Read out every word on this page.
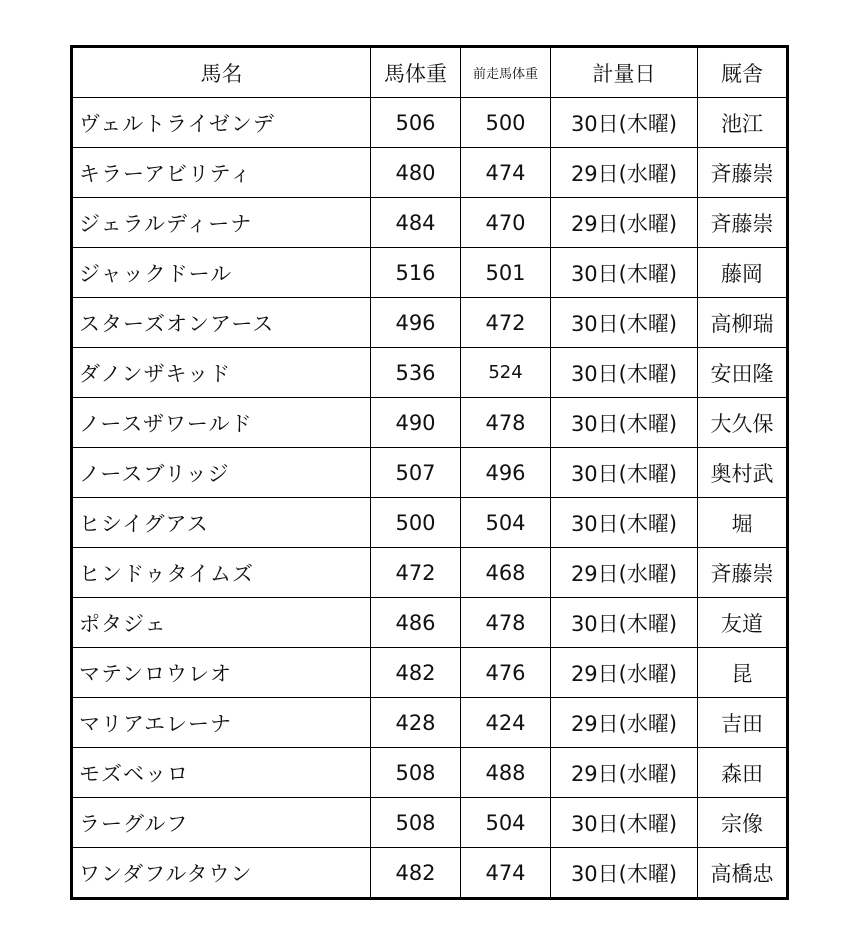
馬名	馬体重	前走馬体重	計量日	厩舎
ヴェルトライゼンデ	506	500	30日(木曜)	池江
キラーアビリティ	480	474	29日(水曜)	斉藤崇
ジェラルディーナ	484	470	29日(水曜)	斉藤崇
ジャックドール	516	501	30日(木曜)	藤岡
スターズオンアース	496	472	30日(木曜)	高柳瑞
ダノンザキッド	536	524	30日(木曜)	安田隆
ノースザワールド	490	478	30日(木曜)	大久保
ノースブリッジ	507	496	30日(木曜)	奥村武
ヒシイグアス	500	504	30日(木曜)	堀
ヒンドゥタイムズ	472	468	29日(水曜)	斉藤崇
ポタジェ	486	478	30日(木曜)	友道
マテンロウレオ	482	476	29日(水曜)	昆
マリアエレーナ	428	424	29日(水曜)	吉田
モズベッロ	508	488	29日(水曜)	森田
ラーグルフ	508	504	30日(木曜)	宗像
ワンダフルタウン	482	474	30日(木曜)	高橋忠
